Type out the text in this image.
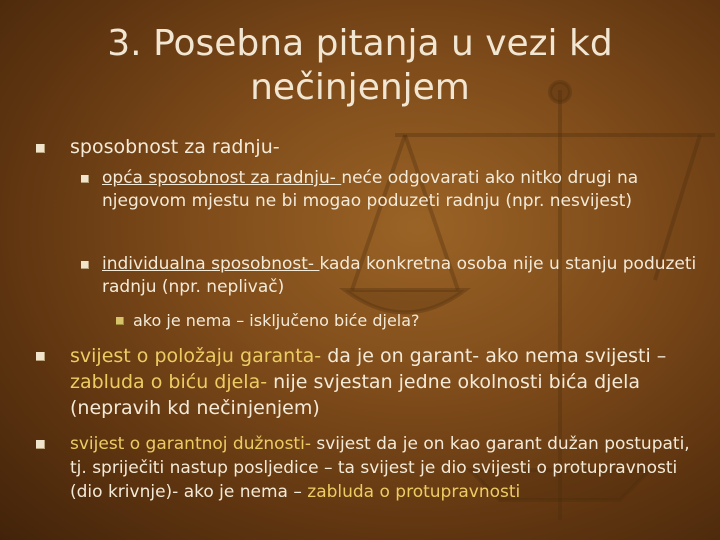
3. Posebna pitanja u vezi kd
nečinjenjem
sposobnost za radnju-
opća sposobnost za radnju- neće odgovarati ako nitko drugi na njegovom mjestu ne bi mogao poduzeti radnju (npr. nesvijest)
individualna sposobnost- kada konkretna osoba nije u stanju poduzeti radnju (npr. neplivač)
ako je nema – isključeno biće djela?
svijest o položaju garanta- da je on garant- ako nema svijesti – zabluda o biću djela- nije svjestan jedne okolnosti bića djela (nepravih kd nečinjenjem)
svijest o garantnoj dužnosti- svijest da je on kao garant dužan postupati, tj. spriječiti nastup posljedice – ta svijest je dio svijesti o protupravnosti (dio krivnje)- ako je nema – zabluda o protupravnosti
